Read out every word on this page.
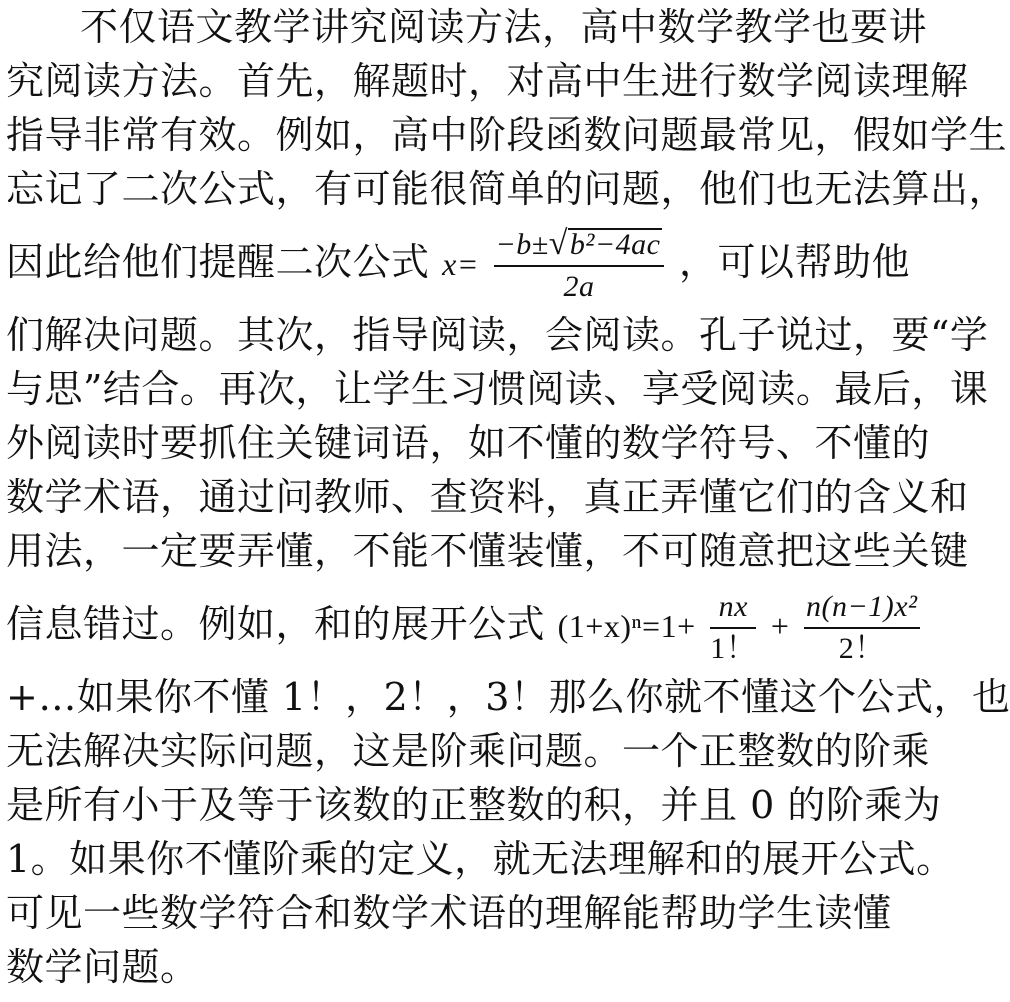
不仅语文教学讲究阅读方法，高中数学教学也要讲
究阅读方法。首先，解题时，对高中生进行数学阅读理解
指导非常有效。例如，高中阶段函数问题最常见，假如学生
忘记了二次公式，有可能很简单的问题，他们也无法算出，
因此给他们提醒二次公式 $x= \frac{\text{−b±√b²−4ac}}{2a}$ ，可以帮助他
们解决问题。其次，指导阅读，会阅读。孔子说过，要“学
与思”结合。再次，让学生习惯阅读、享受阅读。最后，课
外阅读时要抓住关键词语，如不懂的数学符号、不懂的
数学术语，通过问教师、查资料，真正弄懂它们的含义和
用法，一定要弄懂，不能不懂装懂，不可随意把这些关键
信息错过。例如，和的展开公式 $(1+x)^n=1+ \frac{nx}{1!} + \frac{\text{n(n−1)x²}}{2!}$
+…如果你不懂 1！，2！，3！那么你就不懂这个公式，也
无法解决实际问题，这是阶乘问题。一个正整数的阶乘
是所有小于及等于该数的正整数的积，并且 0 的阶乘为
1。如果你不懂阶乘的定义，就无法理解和的展开公式。
可见一些数学符合和数学术语的理解能帮助学生读懂
数学问题。
